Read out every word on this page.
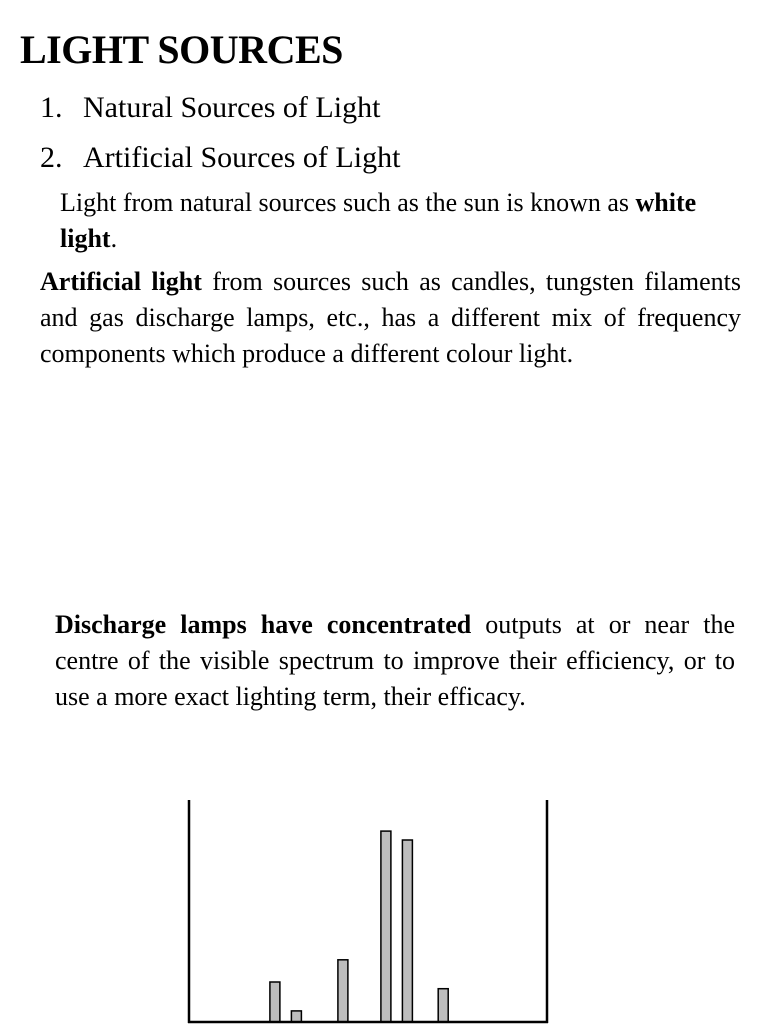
LIGHT SOURCES
1. Natural Sources of Light
2. Artificial Sources of Light

Light from natural sources such as the sun is known as white light.

Artificial light from sources such as candles, tungsten filaments and gas discharge lamps, etc., has a different mix of frequency components which produce a different colour light.

Discharge lamps have concentrated outputs at or near the centre of the visible spectrum to improve their efficiency, or to use a more exact lighting term, their efficacy.
